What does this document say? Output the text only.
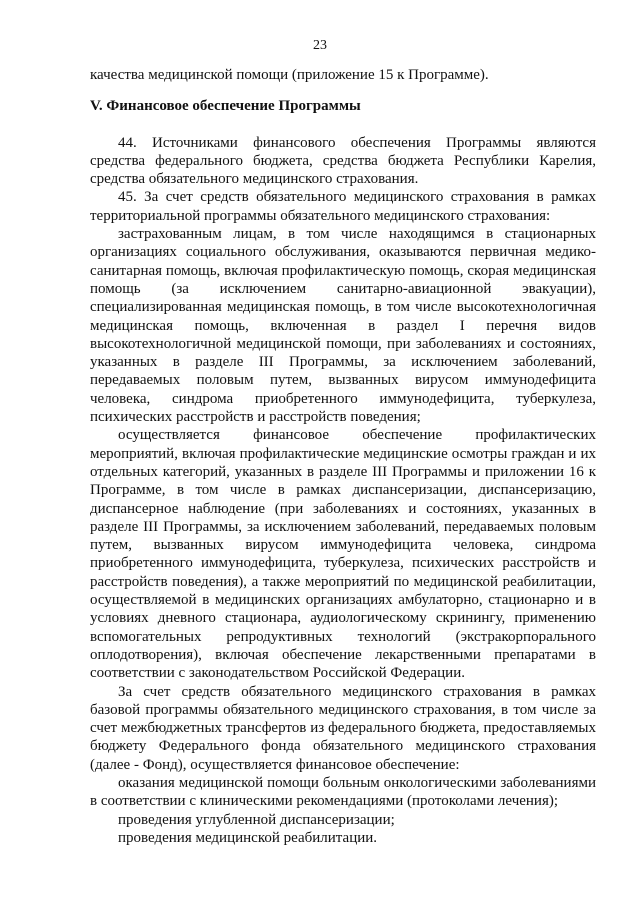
23

качества медицинской помощи (приложение 15 к Программе).

V. Финансовое обеспечение Программы

44. Источниками финансового обеспечения Программы являются средства федерального бюджета, средства бюджета Республики Карелия, средства обязательного медицинского страхования.

45. За счет средств обязательного медицинского страхования в рамках территориальной программы обязательного медицинского страхования:

застрахованным лицам, в том числе находящимся в стационарных организациях социального обслуживания, оказываются первичная медико-санитарная помощь, включая профилактическую помощь, скорая медицинская помощь (за исключением санитарно-авиационной эвакуации), специализированная медицинская помощь, в том числе высокотехнологичная медицинская помощь, включенная в раздел I перечня видов высокотехнологичной медицинской помощи, при заболеваниях и состояниях, указанных в разделе III Программы, за исключением заболеваний, передаваемых половым путем, вызванных вирусом иммунодефицита человека, синдрома приобретенного иммунодефицита, туберкулеза, психических расстройств и расстройств поведения;

осуществляется финансовое обеспечение профилактических мероприятий, включая профилактические медицинские осмотры граждан и их отдельных категорий, указанных в разделе III Программы и приложении 16 к Программе, в том числе в рамках диспансеризации, диспансеризацию, диспансерное наблюдение (при заболеваниях и состояниях, указанных в разделе III Программы, за исключением заболеваний, передаваемых половым путем, вызванных вирусом иммунодефицита человека, синдрома приобретенного иммунодефицита, туберкулеза, психических расстройств и расстройств поведения), а также мероприятий по медицинской реабилитации, осуществляемой в медицинских организациях амбулаторно, стационарно и в условиях дневного стационара, аудиологическому скринингу, применению вспомогательных репродуктивных технологий (экстракорпорального оплодотворения), включая обеспечение лекарственными препаратами в соответствии с законодательством Российской Федерации.

За счет средств обязательного медицинского страхования в рамках базовой программы обязательного медицинского страхования, в том числе за счет межбюджетных трансфертов из федерального бюджета, предоставляемых бюджету Федерального фонда обязательного медицинского страхования (далее - Фонд), осуществляется финансовое обеспечение:

оказания медицинской помощи больным онкологическими заболеваниями в соответствии с клиническими рекомендациями (протоколами лечения);

проведения углубленной диспансеризации;

проведения медицинской реабилитации.
